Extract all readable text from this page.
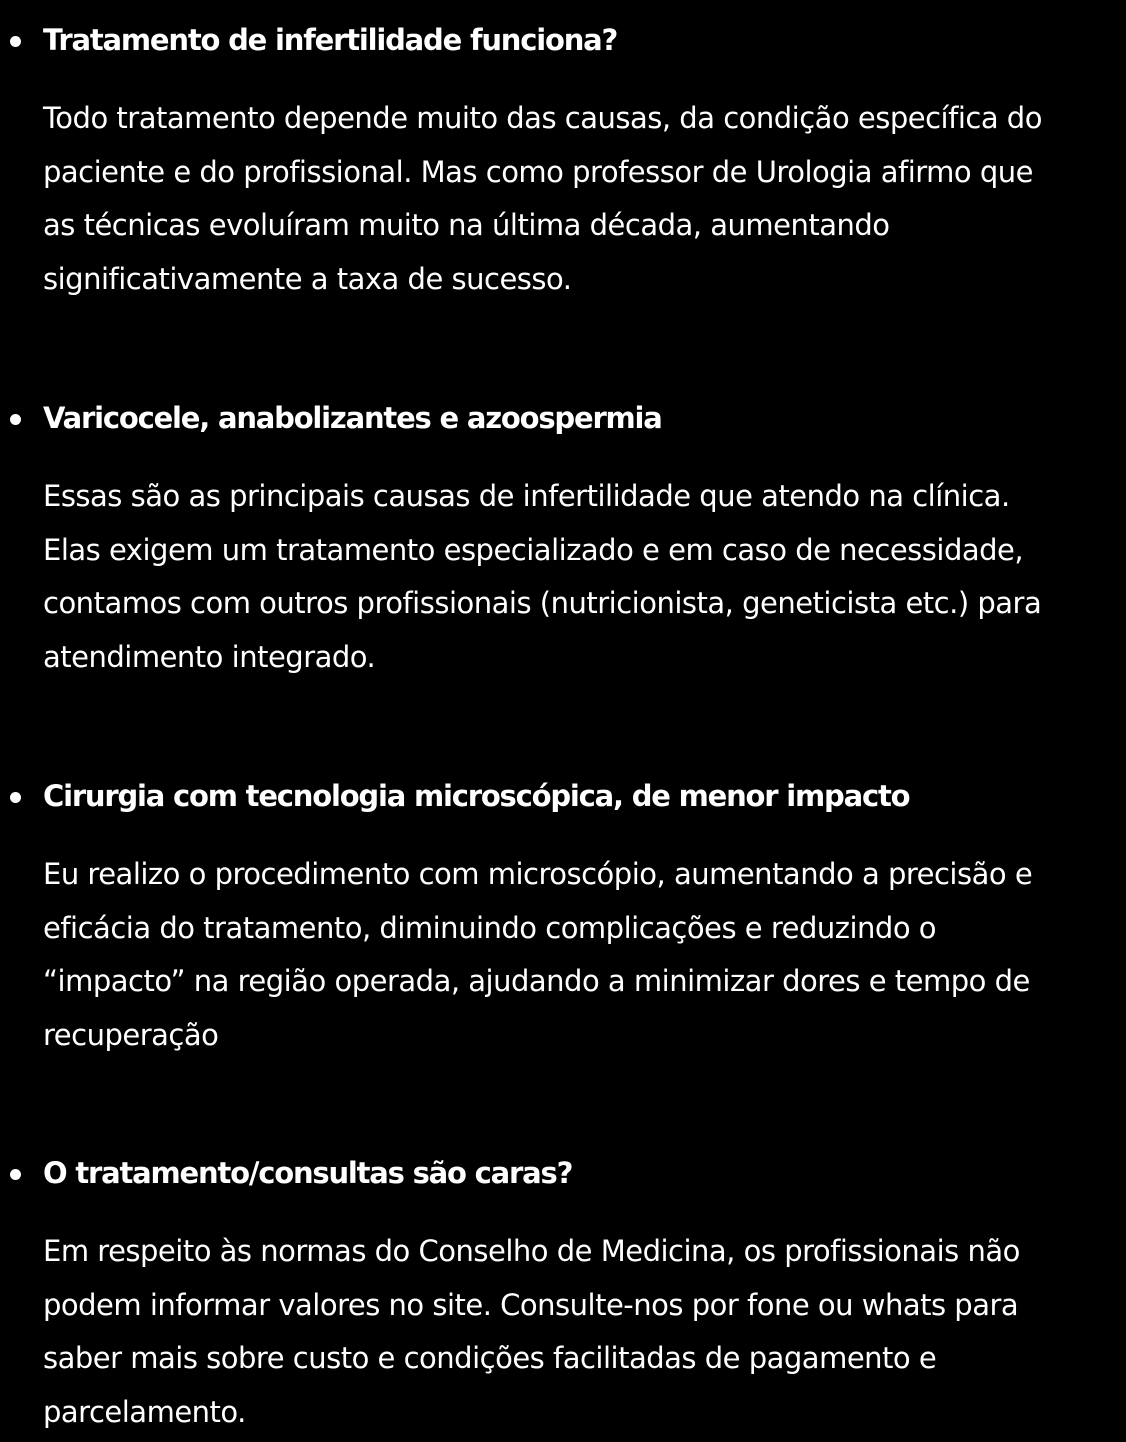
Tratamento de infertilidade funciona?

Todo tratamento depende muito das causas, da condição específica do
paciente e do profissional. Mas como professor de Urologia afirmo que
as técnicas evoluíram muito na última década, aumentando
significativamente a taxa de sucesso.

Varicocele, anabolizantes e azoospermia

Essas são as principais causas de infertilidade que atendo na clínica.
Elas exigem um tratamento especializado e em caso de necessidade,
contamos com outros profissionais (nutricionista, geneticista etc.) para
atendimento integrado.

Cirurgia com tecnologia microscópica, de menor impacto

Eu realizo o procedimento com microscópio, aumentando a precisão e
eficácia do tratamento, diminuindo complicações e reduzindo o
“impacto” na região operada, ajudando a minimizar dores e tempo de
recuperação

O tratamento/consultas são caras?

Em respeito às normas do Conselho de Medicina, os profissionais não
podem informar valores no site. Consulte-nos por fone ou whats para
saber mais sobre custo e condições facilitadas de pagamento e
parcelamento.
